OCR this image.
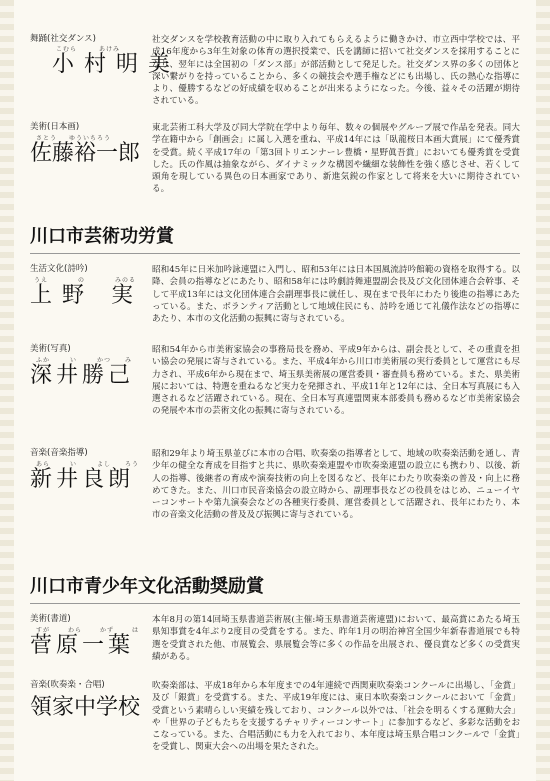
舞踊(社交ダンス)
こむら	あけみ
小村明美
社交ダンスを学校教育活動の中に取り入れてもらえるように働きかけ、市立西中学校では、平成16年度から3年生対象の体育の選択授業で、氏を講師に招いて社交ダンスを採用することになり、翌年には全国初の「ダンス部」が部活動として発足した。社交ダンス界の多くの団体と深い繋がりを持っていることから、多くの競技会や選手権などにも出場し、氏の熱心な指導により、優勝するなどの好成績を収めることが出来るようになった。今後、益々その活躍が期待されている。
美術(日本画)
さとう ゆういちろう
佐藤裕一郎
東北芸術工科大学及び同大学院在学中より毎年、数々の個展やグループ展で作品を発表。同大学在籍中から「創画会」に属し入選を重ね、平成14年には「臥龍桜日本画大賞展」にて優秀賞を受賞。続く平成17年の「第3回トリエンナーレ豊橋・星野眞吾賞」においても優秀賞を受賞した。氏の作風は抽象ながら、ダイナミックな構図や繊細な装飾性を強く感じさせ、若くして頭角を現している異色の日本画家であり、新進気鋭の作家として将来を大いに期待されている。
川口市芸術功労賞
生活文化(詩吟)
うえ	の	みのる
上野 実
昭和45年に日米加吟詠連盟に入門し、昭和53年には日本国風流詩吟館範の資格を取得する。以降、会員の指導などにあたり、昭和58年には吟劇詩舞連盟副会長及び文化団体連合会幹事、そして平成13年には文化団体連合会副理事長に就任し、現在まで長年にわたり後進の指導にあたっている。また、ボランティア活動として地域住民にも、詩吟を通じて礼儀作法などの指導にあたり、本市の文化活動の振興に寄与されている。
美術(写真)
ふか	い	かつ み
深井勝己
昭和54年から市美術家協会の事務局長を務め、平成9年からは、副会長として、その重責を担い協会の発展に寄与されている。また、平成4年から川口市美術展の実行委員として運営にも尽力され、平成6年から現在まで、埼玉県美術展の運営委員・審査員も務めている。また、県美術展においては、特選を重ねるなど実力を発揮され、平成11年と12年には、全日本写真展にも入選されるなど活躍されている。現在、全日本写真連盟関東本部委員も務めるなど市美術家協会の発展や本市の芸術文化の振興に寄与されている。
音楽(音楽指導)
あら	い	よし ろう
新井良朗
昭和29年より埼玉県並びに本市の合唱、吹奏楽の指導者として、地域の吹奏楽活動を通し、青少年の健全な育成を目指すと共に、県吹奏楽連盟や市吹奏楽連盟の設立にも携わり、以後、新人の指導、後継者の育成や演奏技術の向上を図るなど、長年にわたり吹奏楽の普及・向上に務めてきた。また、川口市民音楽協会の設立時から、副理事長などの役員をはじめ、ニューイヤーコンサートや第九演奏会などの各種実行委員、運営委員として活躍され、長年にわたり、本市の音楽文化活動の普及及び振興に寄与されている。
川口市青少年文化活動奨励賞
美術(書道)
すが	わら	かず	は
菅原一葉
本年8月の第14回埼玉県書道芸術展(主催:埼玉県書道芸術連盟)において、最高賞にあたる埼玉県知事賞を4年ぶり2度目の受賞をする。また、昨年1月の明治神宮全国少年新春書道展でも特選を受賞された他、市展覧会、県展覧会等に多くの作品を出展され、優良賞など多くの受賞実績がある。
音楽(吹奏楽・合唱)
領家中学校
吹奏楽部は、平成18年から本年度までの4年連続で西関東吹奏楽コンクールに出場し、「金賞」及び「銀賞」を受賞する。また、平成19年度には、東日本吹奏楽コンクールにおいて「金賞」受賞という素晴らしい実績を残しており、コンクール以外では、「社会を明るくする運動大会」や「世界の子どもたちを支援するチャリティーコンサート」に参加するなど、多彩な活動をおこなっている。また、合唱活動にも力を入れており、本年度は埼玉県合唱コンクールで「金賞」を受賞し、関東大会への出場を果たされた。
